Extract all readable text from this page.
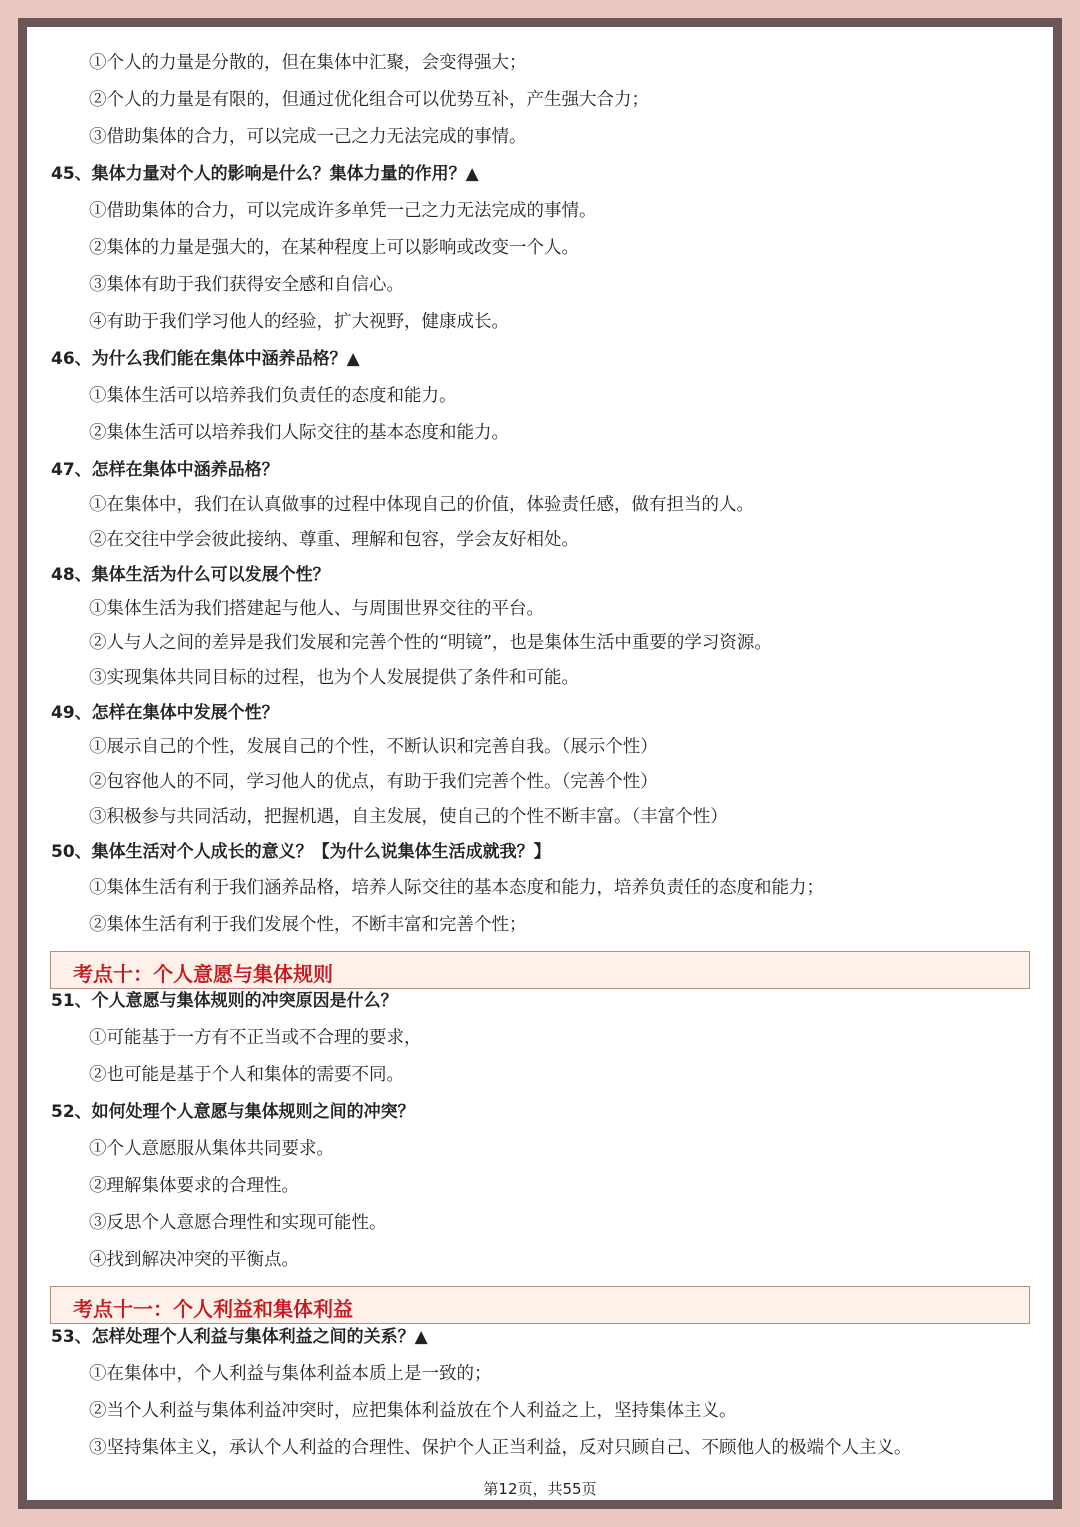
①个人的力量是分散的，但在集体中汇聚，会变得强大；
②个人的力量是有限的，但通过优化组合可以优势互补，产生强大合力；
③借助集体的合力，可以完成一己之力无法完成的事情。
45、集体力量对个人的影响是什么？集体力量的作用？▲
①借助集体的合力，可以完成许多单凭一己之力无法完成的事情。
②集体的力量是强大的，在某种程度上可以影响或改变一个人。
③集体有助于我们获得安全感和自信心。
④有助于我们学习他人的经验，扩大视野，健康成长。
46、为什么我们能在集体中涵养品格？▲
①集体生活可以培养我们负责任的态度和能力。
②集体生活可以培养我们人际交往的基本态度和能力。
47、怎样在集体中涵养品格？
①在集体中，我们在认真做事的过程中体现自己的价值，体验责任感，做有担当的人。
②在交往中学会彼此接纳、尊重、理解和包容，学会友好相处。
48、集体生活为什么可以发展个性？
①集体生活为我们搭建起与他人、与周围世界交往的平台。
②人与人之间的差异是我们发展和完善个性的“明镜”，也是集体生活中重要的学习资源。
③实现集体共同目标的过程，也为个人发展提供了条件和可能。
49、怎样在集体中发展个性？
①展示自己的个性，发展自己的个性，不断认识和完善自我。（展示个性）
②包容他人的不同，学习他人的优点，有助于我们完善个性。（完善个性）
③积极参与共同活动，把握机遇，自主发展，使自己的个性不断丰富。（丰富个性）
50、集体生活对个人成长的意义？【为什么说集体生活成就我？】
①集体生活有利于我们涵养品格，培养人际交往的基本态度和能力，培养负责任的态度和能力；
②集体生活有利于我们发展个性，不断丰富和完善个性；
考点十：个人意愿与集体规则
51、个人意愿与集体规则的冲突原因是什么？
①可能基于一方有不正当或不合理的要求，
②也可能是基于个人和集体的需要不同。
52、如何处理个人意愿与集体规则之间的冲突？
①个人意愿服从集体共同要求。
②理解集体要求的合理性。
③反思个人意愿合理性和实现可能性。
④找到解决冲突的平衡点。
考点十一：个人利益和集体利益
53、怎样处理个人利益与集体利益之间的关系？▲
①在集体中，个人利益与集体利益本质上是一致的；
②当个人利益与集体利益冲突时，应把集体利益放在个人利益之上，坚持集体主义。
③坚持集体主义，承认个人利益的合理性、保护个人正当利益，反对只顾自己、不顾他人的极端个人主义。
第12页，共55页
